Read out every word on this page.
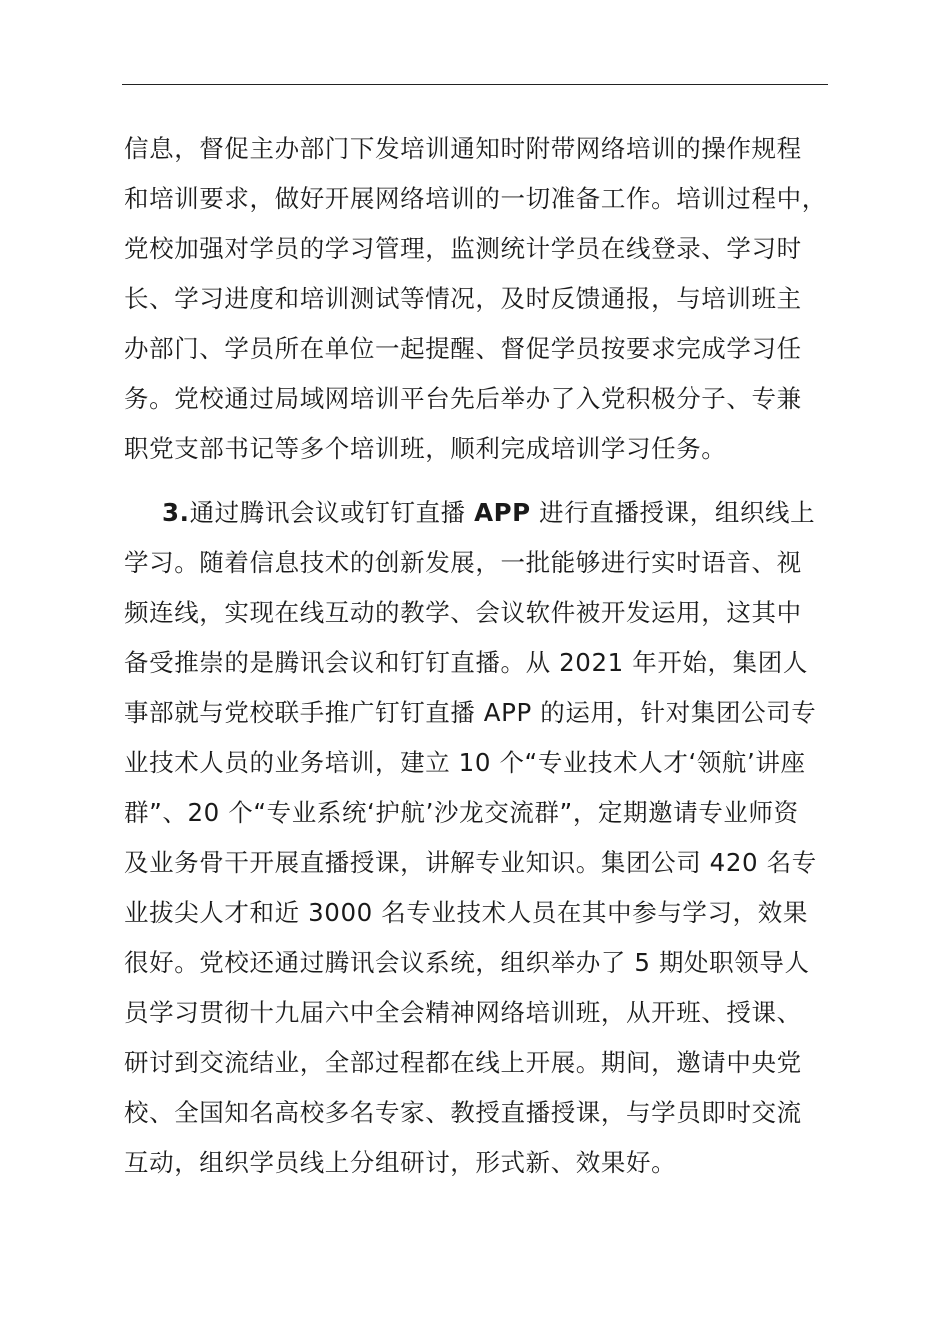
信息，督促主办部门下发培训通知时附带网络培训的操作规程
和培训要求，做好开展网络培训的一切准备工作。培训过程中，
党校加强对学员的学习管理，监测统计学员在线登录、学习时
长、学习进度和培训测试等情况，及时反馈通报，与培训班主
办部门、学员所在单位一起提醒、督促学员按要求完成学习任
务。党校通过局域网培训平台先后举办了入党积极分子、专兼
职党支部书记等多个培训班，顺利完成培训学习任务。
3.通过腾讯会议或钉钉直播 APP 进行直播授课，组织线上
学习。随着信息技术的创新发展，一批能够进行实时语音、视
频连线，实现在线互动的教学、会议软件被开发运用，这其中
备受推崇的是腾讯会议和钉钉直播。从 2021 年开始，集团人
事部就与党校联手推广钉钉直播 APP 的运用，针对集团公司专
业技术人员的业务培训，建立 10 个“专业技术人才‘领航’讲座
群”、20 个“专业系统‘护航’沙龙交流群”，定期邀请专业师资
及业务骨干开展直播授课，讲解专业知识。集团公司 420 名专
业拔尖人才和近 3000 名专业技术人员在其中参与学习，效果
很好。党校还通过腾讯会议系统，组织举办了 5 期处职领导人
员学习贯彻十九届六中全会精神网络培训班，从开班、授课、
研讨到交流结业，全部过程都在线上开展。期间，邀请中央党
校、全国知名高校多名专家、教授直播授课，与学员即时交流
互动，组织学员线上分组研讨，形式新、效果好。
